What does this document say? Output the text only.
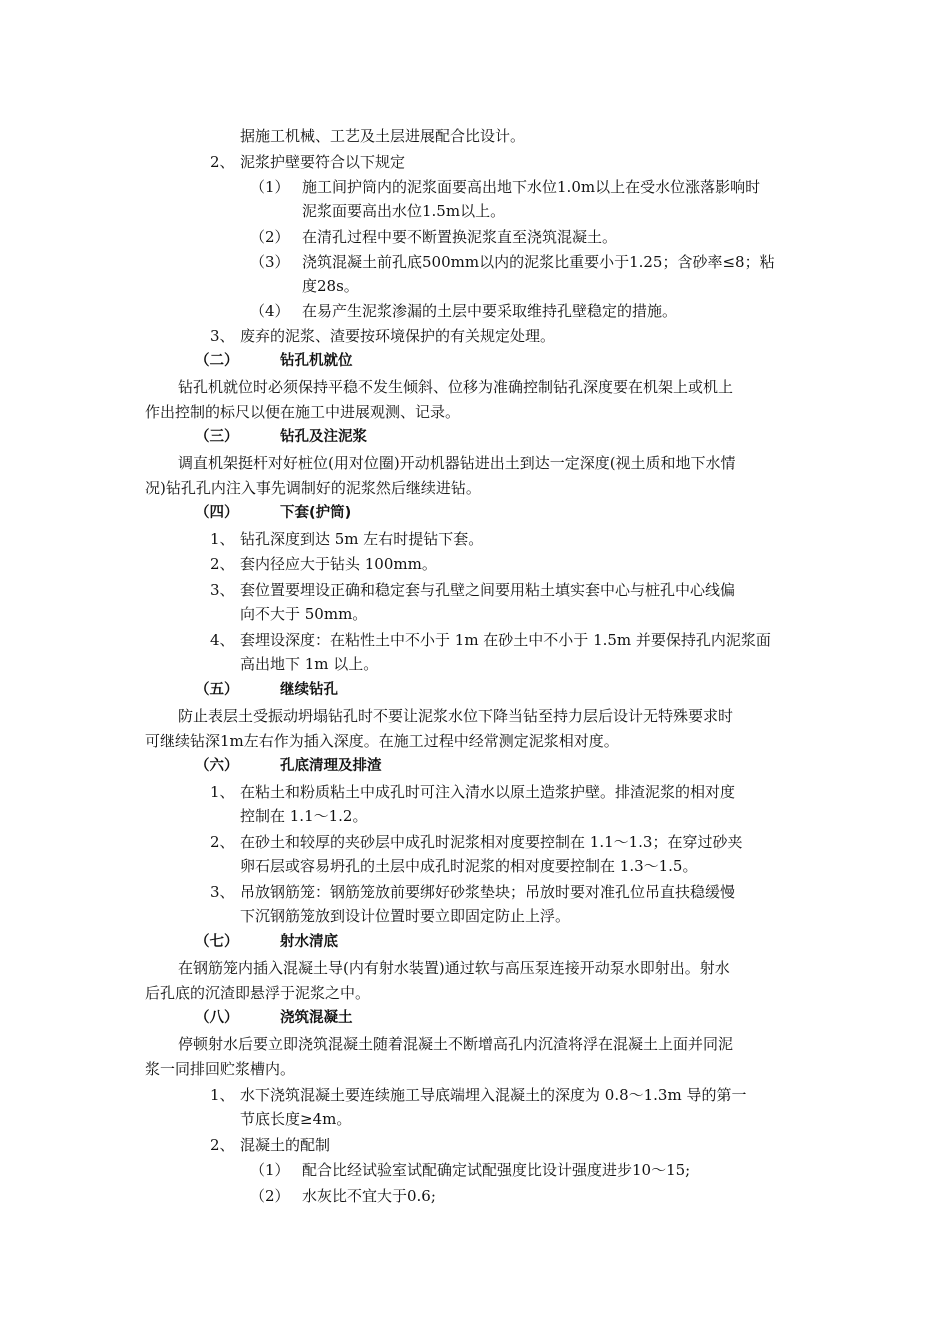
据施工机械、工艺及土层进展配合比设计。
2、 泥浆护壁要符合以下规定
（1） 施工间护筒内的泥浆面要高出地下水位1.0m以上在受水位涨落影响时
泥浆面要高出水位1.5m以上。
（2） 在清孔过程中要不断置换泥浆直至浇筑混凝土。
（3） 浇筑混凝土前孔底500mm以内的泥浆比重要小于1.25；含砂率≤8；粘
度28s。
（4） 在易产生泥浆渗漏的土层中要采取维持孔壁稳定的措施。
3、 废弃的泥浆、渣要按环境保护的有关规定处理。
（二）	钻孔机就位
钻孔机就位时必须保持平稳不发生倾斜、位移为准确控制钻孔深度要在机架上或机上
作出控制的标尺以便在施工中进展观测、记录。
（三）	钻孔及注泥浆
调直机架挺杆对好桩位(用对位圈)开动机器钻进出土到达一定深度(视土质和地下水情
况)钻孔孔内注入事先调制好的泥浆然后继续进钻。
（四）	下套(护筒)
1、 钻孔深度到达 5m 左右时提钻下套。
2、 套内径应大于钻头 100mm。
3、 套位置要埋设正确和稳定套与孔壁之间要用粘土填实套中心与桩孔中心线偏
向不大于 50mm。
4、 套埋设深度：在粘性土中不小于 1m 在砂土中不小于 1.5m 并要保持孔内泥浆面
高出地下 1m 以上。
（五）	继续钻孔
防止表层土受振动坍塌钻孔时不要让泥浆水位下降当钻至持力层后设计无特殊要求时
可继续钻深1m左右作为插入深度。在施工过程中经常测定泥浆相对度。
（六）	孔底清理及排渣
1、 在粘土和粉质粘土中成孔时可注入清水以原土造浆护壁。排渣泥浆的相对度
控制在 1.1～1.2。
2、 在砂土和较厚的夹砂层中成孔时泥浆相对度要控制在 1.1～1.3；在穿过砂夹
卵石层或容易坍孔的土层中成孔时泥浆的相对度要控制在 1.3～1.5。
3、 吊放钢筋笼：钢筋笼放前要绑好砂浆垫块；吊放时要对准孔位吊直扶稳缓慢
下沉钢筋笼放到设计位置时要立即固定防止上浮。
（七）	射水清底
在钢筋笼内插入混凝土导(内有射水装置)通过软与高压泵连接开动泵水即射出。射水
后孔底的沉渣即悬浮于泥浆之中。
（八）	浇筑混凝土
停顿射水后要立即浇筑混凝土随着混凝土不断增高孔内沉渣将浮在混凝土上面并同泥
浆一同排回贮浆槽内。
1、 水下浇筑混凝土要连续施工导底端埋入混凝土的深度为 0.8～1.3m 导的第一
节底长度≥4m。
2、 混凝土的配制
（1） 配合比经试验室试配确定试配强度比设计强度进步10～15;
（2） 水灰比不宜大于0.6;
